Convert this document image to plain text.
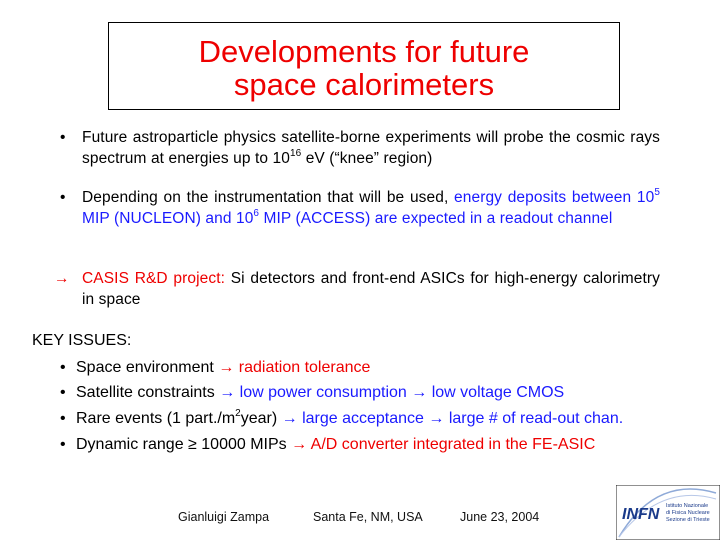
Developments for future
space calorimeters
• Future astroparticle physics satellite-borne experiments will probe the cosmic rays spectrum at energies up to $10^{16}$ eV (“knee” region)
• Depending on the instrumentation that will be used, energy deposits between $10^5$ MIP (NUCLEON) and $10^6$ MIP (ACCESS) are expected in a readout channel
→ CASIS R&D project: Si detectors and front-end ASICs for high-energy calorimetry in space
KEY ISSUES:
• Space environment → radiation tolerance
• Satellite constraints → low power consumption → low voltage CMOS
• Rare events (1 $part./m^2year$) → large acceptance → large # of read-out chan.
• Dynamic range ≥ 10000 MIPs → A/D converter integrated in the FE-ASIC
Gianluigi Zampa	Santa Fe, NM, USA	June 23, 2004	INFN Istituto Nazionale
di Fisica Nucleare
Sezione di Trieste
